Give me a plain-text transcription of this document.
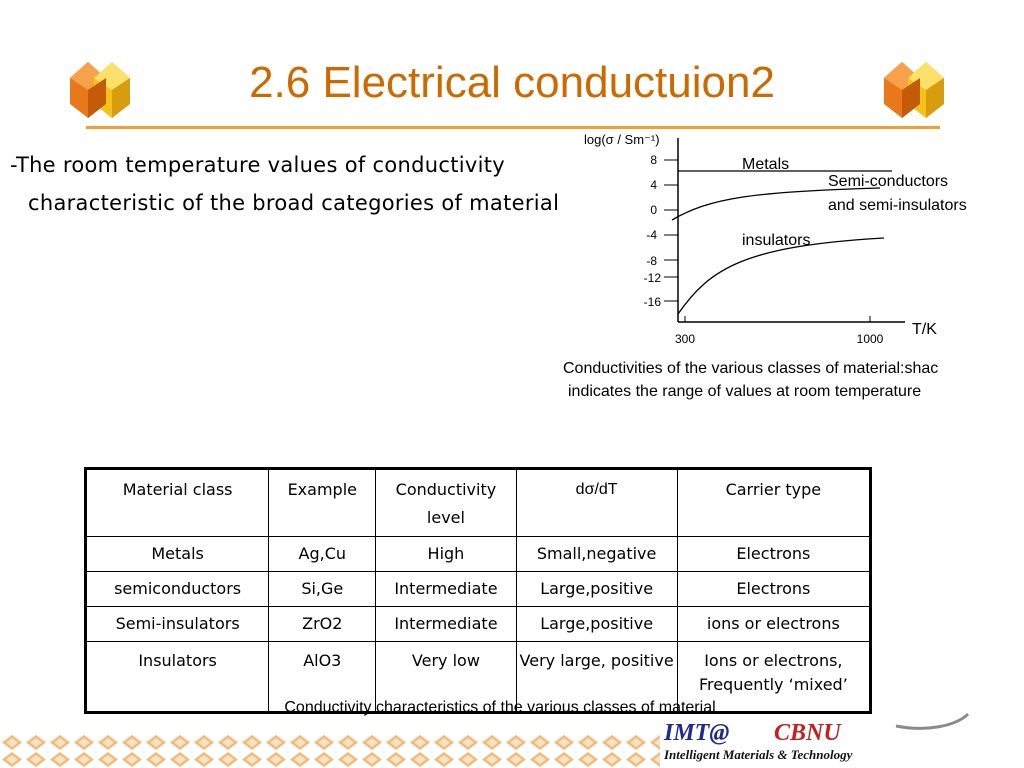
2.6 Electrical conductuion2
-The room temperature values of conductivity
characteristic of the broad categories of material
log(σ / Sm⁻¹)
8
4
0
-4
-8
-12
-16
300	1000
T/K
Metals
Semi-conductors
and semi-insulators
insulators
Conductivities of the various classes of material:shac
indicates the range of values at room temperature
Material class	Example	Conductivity level	dσ/dT	Carrier type
Metals	Ag,Cu	High	Small,negative	Electrons
semiconductors	Si,Ge	Intermediate	Large,positive	Electrons
Semi-insulators	ZrO2	Intermediate	Large,positive	ions or electrons
Insulators	AlO3	Very low	Very large, positive	Ions or electrons, Frequently ‘mixed’
Conductivity characteristics of the various classes of material
IMT@ CBNU
Intelligent Materials & Technology
